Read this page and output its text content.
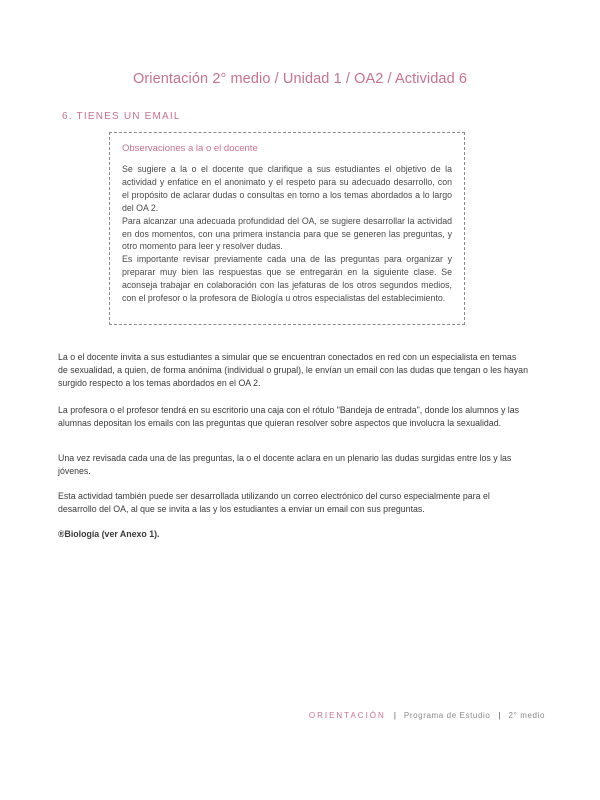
Orientación 2° medio / Unidad 1 / OA2 / Actividad 6
6. TIENES UN EMAIL
Observaciones a la o el docente

Se sugiere a la o el docente que clarifique a sus estudiantes el objetivo de la actividad y enfatice en el anonimato y el respeto para su adecuado desarrollo, con el propósito de aclarar dudas o consultas en torno a los temas abordados a lo largo del OA 2.

Para alcanzar una adecuada profundidad del OA, se sugiere desarrollar la actividad en dos momentos, con una primera instancia para que se generen las preguntas, y otro momento para leer y resolver dudas.

Es importante revisar previamente cada una de las preguntas para organizar y preparar muy bien las respuestas que se entregarán en la siguiente clase. Se aconseja trabajar en colaboración con las jefaturas de los otros segundos medios, con el profesor o la profesora de Biología u otros especialistas del establecimiento.

La o el docente invita a sus estudiantes a simular que se encuentran conectados en red con un especialista en temas de sexualidad, a quien, de forma anónima (individual o grupal), le envían un email con las dudas que tengan o les hayan surgido respecto a los temas abordados en el OA 2.

La profesora o el profesor tendrá en su escritorio una caja con el rótulo "Bandeja de entrada", donde los alumnos y las alumnas depositan los emails con las preguntas que quieran resolver sobre aspectos que involucra la sexualidad.

Una vez revisada cada una de las preguntas, la o el docente aclara en un plenario las dudas surgidas entre los y las jóvenes.

Esta actividad también puede ser desarrollada utilizando un correo electrónico del curso especialmente para el desarrollo del OA, al que se invita a las y los estudiantes a enviar un email con sus preguntas.

®Biología (ver Anexo 1).

ORIENTACIÓN | Programa de Estudio | 2° medio
